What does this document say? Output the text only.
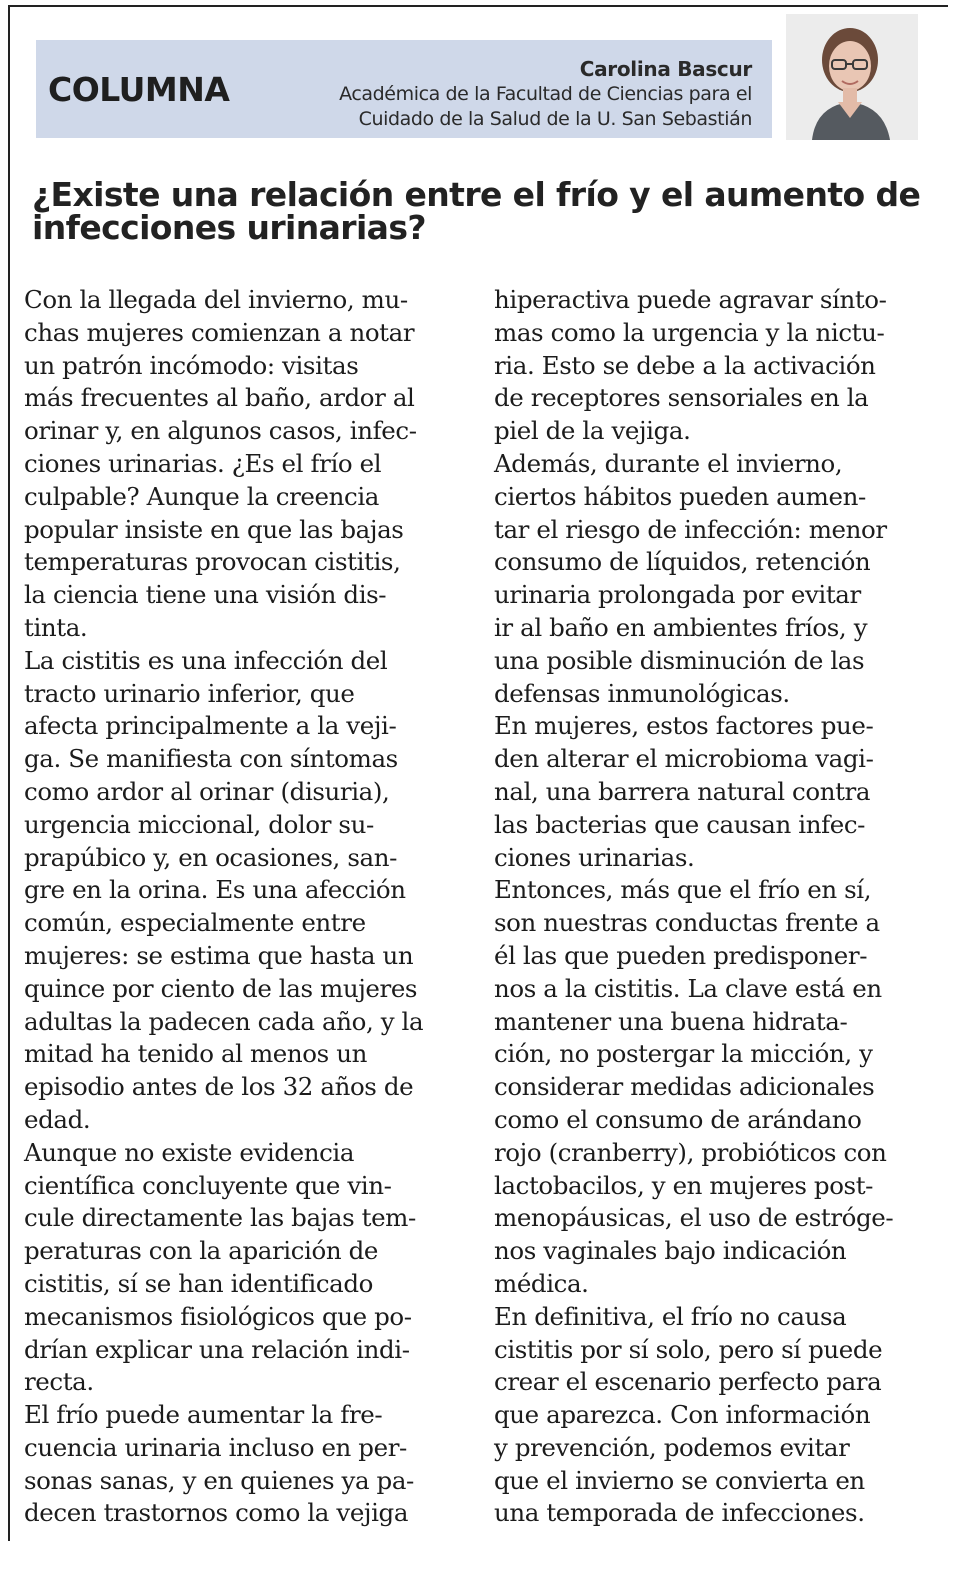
COLUMNA
Carolina Bascur
Académica de la Facultad de Ciencias para el
Cuidado de la Salud de la U. San Sebastián
¿Existe una relación entre el frío y el aumento de
infecciones urinarias?
Con la llegada del invierno, mu-
chas mujeres comienzan a notar
un patrón incómodo: visitas
más frecuentes al baño, ardor al
orinar y, en algunos casos, infec-
ciones urinarias. ¿Es el frío el
culpable? Aunque la creencia
popular insiste en que las bajas
temperaturas provocan cistitis,
la ciencia tiene una visión dis-
tinta.
La cistitis es una infección del
tracto urinario inferior, que
afecta principalmente a la veji-
ga. Se manifiesta con síntomas
como ardor al orinar (disuria),
urgencia miccional, dolor su-
prapúbico y, en ocasiones, san-
gre en la orina. Es una afección
común, especialmente entre
mujeres: se estima que hasta un
quince por ciento de las mujeres
adultas la padecen cada año, y la
mitad ha tenido al menos un
episodio antes de los 32 años de
edad.
Aunque no existe evidencia
científica concluyente que vin-
cule directamente las bajas tem-
peraturas con la aparición de
cistitis, sí se han identificado
mecanismos fisiológicos que po-
drían explicar una relación indi-
recta.
El frío puede aumentar la fre-
cuencia urinaria incluso en per-
sonas sanas, y en quienes ya pa-
decen trastornos como la vejiga
hiperactiva puede agravar sínto-
mas como la urgencia y la nictu-
ria. Esto se debe a la activación
de receptores sensoriales en la
piel de la vejiga.
Además, durante el invierno,
ciertos hábitos pueden aumen-
tar el riesgo de infección: menor
consumo de líquidos, retención
urinaria prolongada por evitar
ir al baño en ambientes fríos, y
una posible disminución de las
defensas inmunológicas.
En mujeres, estos factores pue-
den alterar el microbioma vagi-
nal, una barrera natural contra
las bacterias que causan infec-
ciones urinarias.
Entonces, más que el frío en sí,
son nuestras conductas frente a
él las que pueden predisponer-
nos a la cistitis. La clave está en
mantener una buena hidrata-
ción, no postergar la micción, y
considerar medidas adicionales
como el consumo de arándano
rojo (cranberry), probióticos con
lactobacilos, y en mujeres post-
menopáusicas, el uso de estróge-
nos vaginales bajo indicación
médica.
En definitiva, el frío no causa
cistitis por sí solo, pero sí puede
crear el escenario perfecto para
que aparezca. Con información
y prevención, podemos evitar
que el invierno se convierta en
una temporada de infecciones.
